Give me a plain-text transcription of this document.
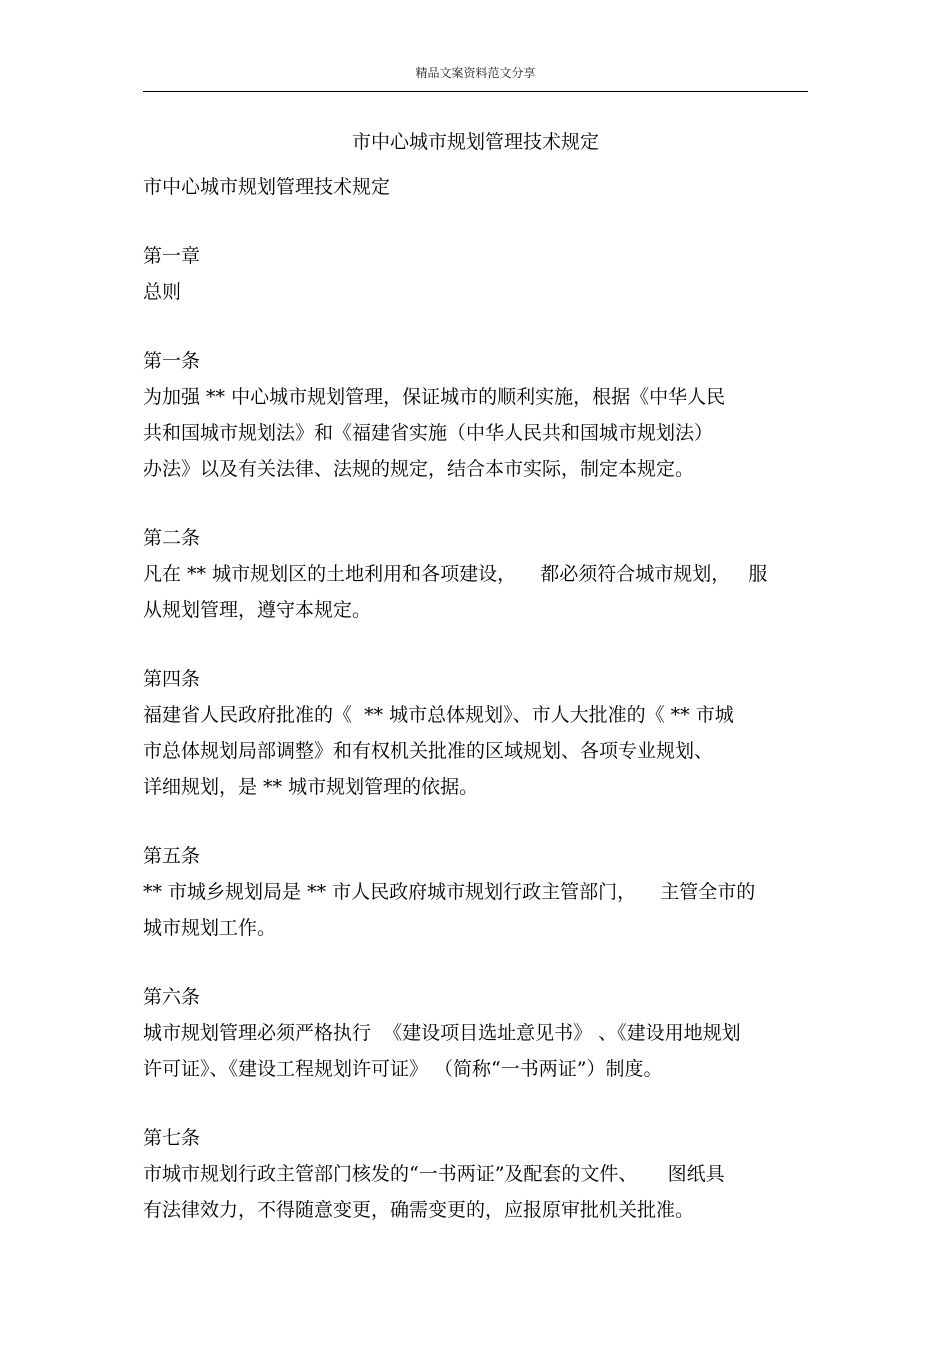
精品文案资料范文分享
市中心城市规划管理技术规定
市中心城市规划管理技术规定
第一章
总则
第一条
为加强 ** 中心城市规划管理，保证城市的顺利实施，根据《中华人民
共和国城市规划法》和《福建省实施（中华人民共和国城市规划法）
办法》以及有关法律、法规的规定，结合本市实际，制定本规定。
第二条
凡在 ** 城市规划区的土地利用和各项建设，    都必须符合城市规划，   服
从规划管理，遵守本规定。
第四条
福建省人民政府批准的《  ** 城市总体规划》、市人大批准的《 ** 市城
市总体规划局部调整》和有权机关批准的区域规划、各项专业规划、
详细规划，是 ** 城市规划管理的依据。
第五条
** 市城乡规划局是 ** 市人民政府城市规划行政主管部门，    主管全市的
城市规划工作。
第六条
城市规划管理必须严格执行  《建设项目选址意见书》 、《建设用地规划
许可证》、《建设工程规划许可证》 （简称“一书两证”）制度。
第七条
市城市规划行政主管部门核发的“一书两证”及配套的文件、     图纸具
有法律效力，不得随意变更，确需变更的，应报原审批机关批准。
